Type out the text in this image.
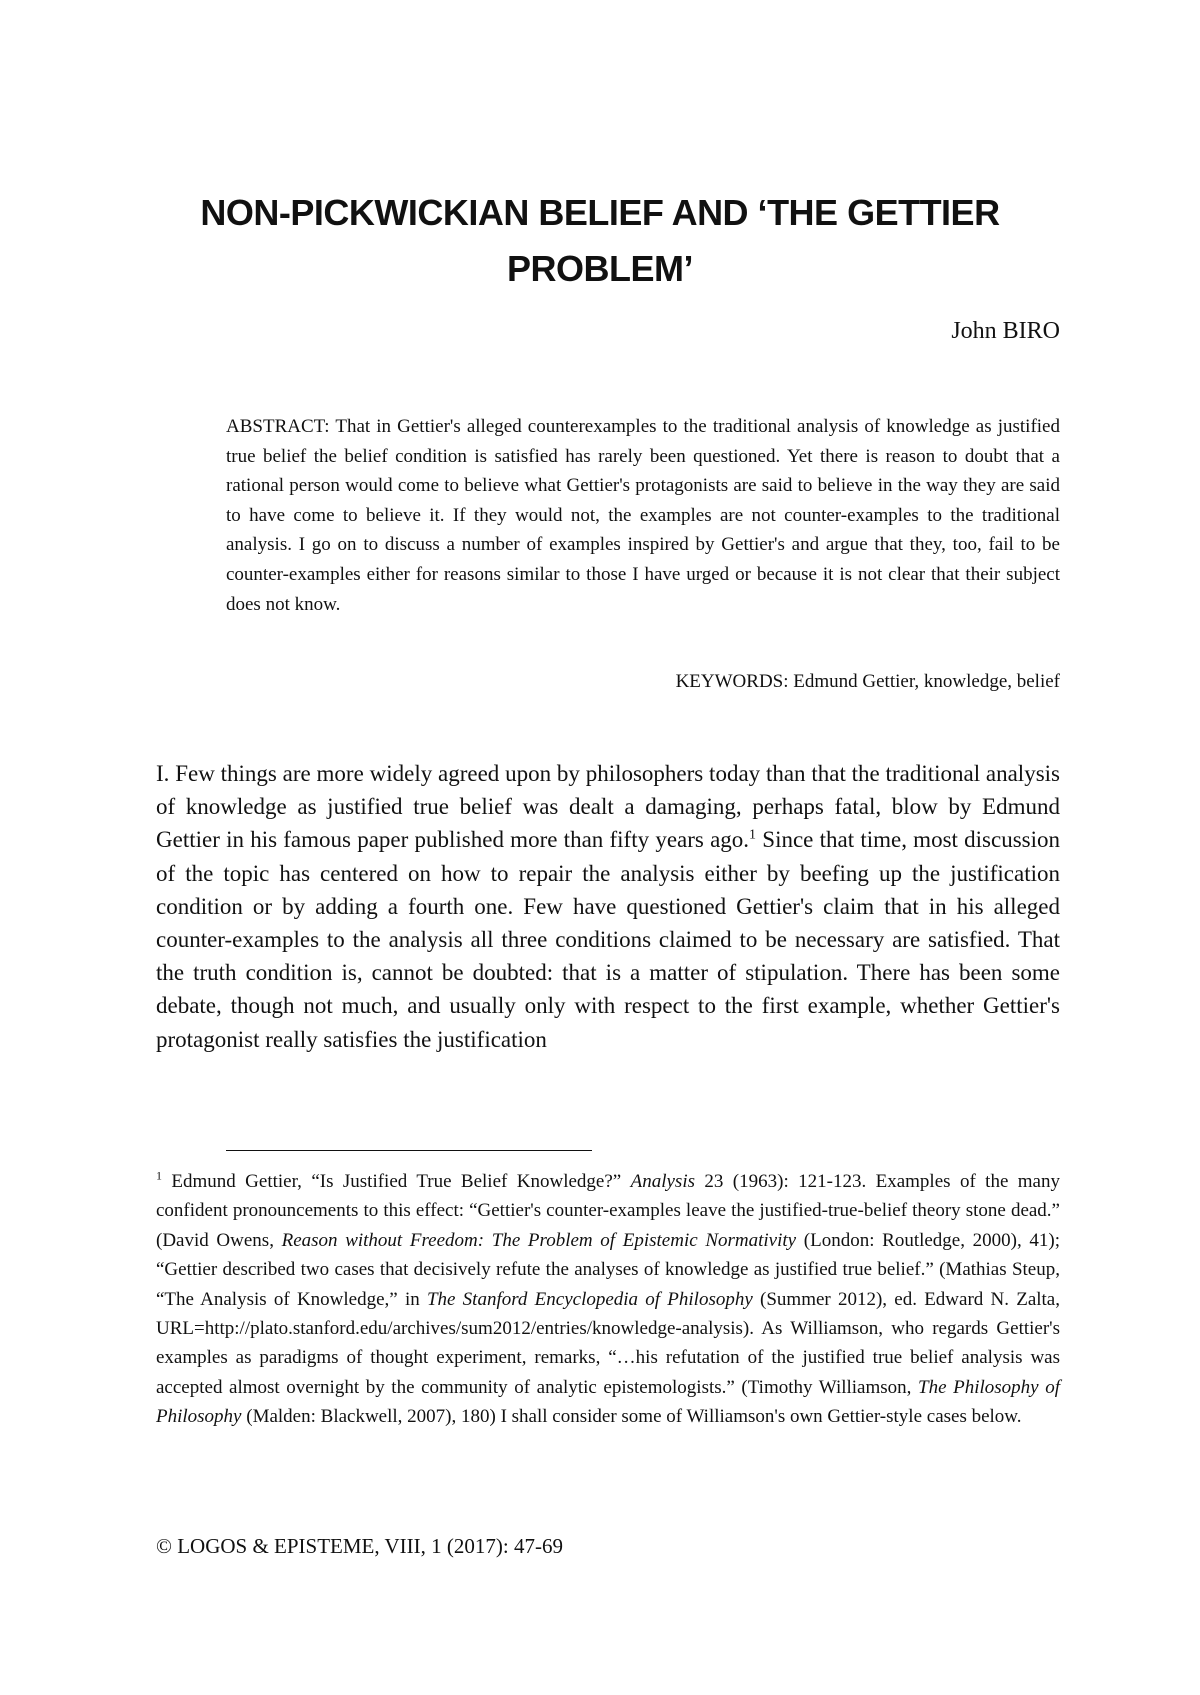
NON-PICKWICKIAN BELIEF AND ‘THE GETTIER PROBLEM’
John BIRO

ABSTRACT: That in Gettier's alleged counterexamples to the traditional analysis of knowledge as justified true belief the belief condition is satisfied has rarely been questioned. Yet there is reason to doubt that a rational person would come to believe what Gettier's protagonists are said to believe in the way they are said to have come to believe it. If they would not, the examples are not counter-examples to the traditional analysis. I go on to discuss a number of examples inspired by Gettier's and argue that they, too, fail to be counter-examples either for reasons similar to those I have urged or because it is not clear that their subject does not know.

KEYWORDS: Edmund Gettier, knowledge, belief

I. Few things are more widely agreed upon by philosophers today than that the traditional analysis of knowledge as justified true belief was dealt a damaging, perhaps fatal, blow by Edmund Gettier in his famous paper published more than fifty years ago.$^1$ Since that time, most discussion of the topic has centered on how to repair the analysis either by beefing up the justification condition or by adding a fourth one. Few have questioned Gettier's claim that in his alleged counter-examples to the analysis all three conditions claimed to be necessary are satisfied. That the truth condition is, cannot be doubted: that is a matter of stipulation. There has been some debate, though not much, and usually only with respect to the first example, whether Gettier's protagonist really satisfies the justification

$^1$ Edmund Gettier, “Is Justified True Belief Knowledge?” Analysis 23 (1963): 121-123. Examples of the many confident pronouncements to this effect: “Gettier's counter-examples leave the justified-true-belief theory stone dead.” (David Owens, Reason without Freedom: The Problem of Epistemic Normativity (London: Routledge, 2000), 41); “Gettier described two cases that decisively refute the analyses of knowledge as justified true belief.” (Mathias Steup, “The Analysis of Knowledge,” in The Stanford Encyclopedia of Philosophy (Summer 2012), ed. Edward N. Zalta, URL=http://plato.stanford.edu/archives/sum2012/entries/knowledge-analysis). As Williamson, who regards Gettier's examples as paradigms of thought experiment, remarks, “…his refutation of the justified true belief analysis was accepted almost overnight by the community of analytic epistemologists.” (Timothy Williamson, The Philosophy of Philosophy (Malden: Blackwell, 2007), 180) I shall consider some of Williamson's own Gettier-style cases below.

© LOGOS & EPISTEME, VIII, 1 (2017): 47-69
